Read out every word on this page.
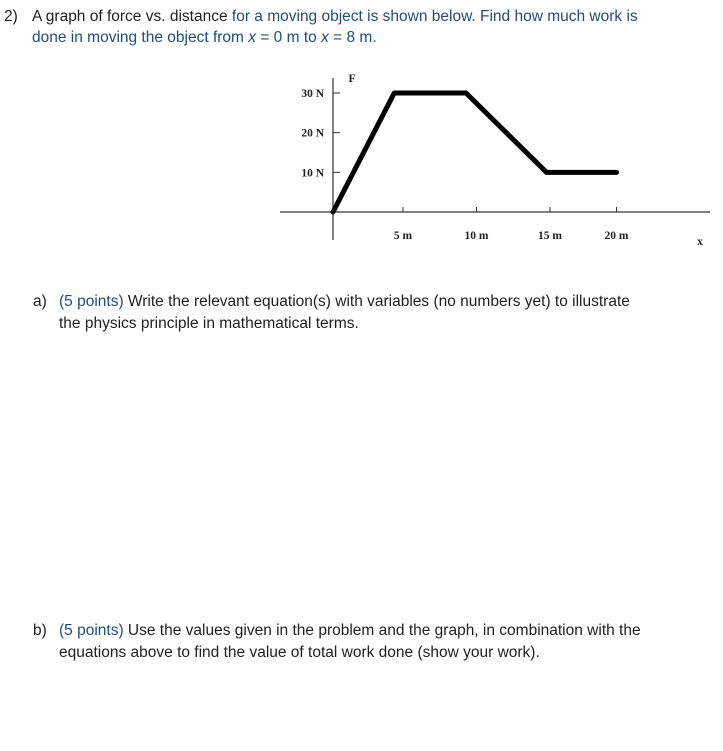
2) A graph of force vs. distance for a moving object is shown below. Find how much work is
done in moving the object from x = 0 m to x = 8 m.
10 N
20 N
30 N
5 m	10 m	15 m	20 m
F
x
a) (5 points) Write the relevant equation(s) with variables (no numbers yet) to illustrate
the physics principle in mathematical terms.
b) (5 points) Use the values given in the problem and the graph, in combination with the
equations above to find the value of total work done (show your work).
